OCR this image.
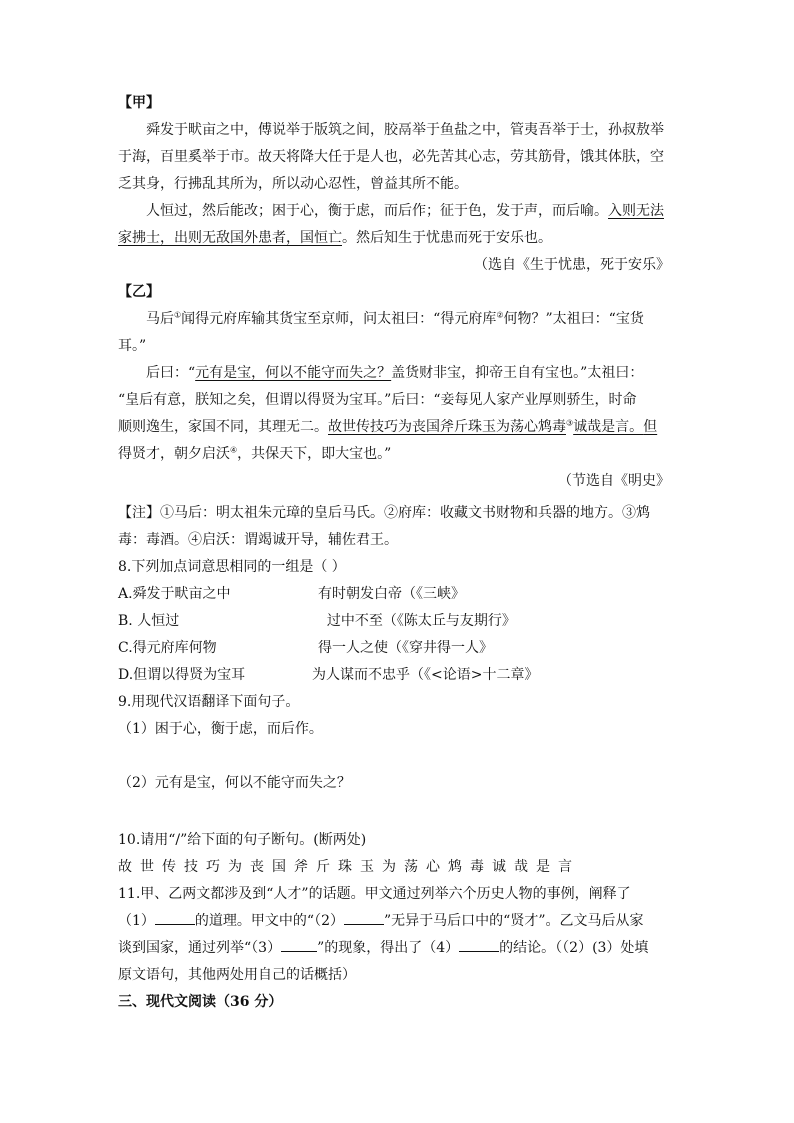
【甲】
舜发于畎亩之中，傅说举于版筑之间，胶鬲举于鱼盐之中，管夷吾举于士，孙叔敖举
于海，百里奚举于市。故天将降大任于是人也，必先苦其心志，劳其筋骨，饿其体肤，空
乏其身，行拂乱其所为，所以动心忍性，曾益其所不能。
人恒过，然后能改；困于心，衡于虑，而后作；征于色，发于声，而后喻。入则无法
家拂士，出则无敌国外患者，国恒亡。然后知生于忧患而死于安乐也。
（选自《生于忧患，死于安乐》
【乙】
马后①闻得元府库输其货宝至京师，问太祖曰：“得元府库②何物？”太祖曰：“宝货
耳。”
后曰：“元有是宝，何以不能守而失之？盖货财非宝，抑帝王自有宝也。”太祖曰：
“皇后有意，朕知之矣，但谓以得贤为宝耳。”后曰：“妾每见人家产业厚则骄生，时命
顺则逸生，家国不同，其理无二。故世传技巧为丧国斧斤珠玉为荡心鸩毒③诚哉是言。但
得贤才，朝夕启沃④，共保天下，即大宝也。”
（节选自《明史》
【注】①马后：明太祖朱元璋的皇后马氏。②府库：收藏文书财物和兵器的地方。③鸩
毒：毒酒。④启沃：谓竭诚开导，辅佐君王。
8.下列加点词意思相同的一组是（ ）
A.舜发于畎亩之中	有时朝发白帝（《三峡》
B. 人恒过	过中不至（《陈太丘与友期行》
C.得元府库何物	得一人之使（《穿井得一人》
D.但谓以得贤为宝耳	为人谋而不忠乎（《<论语>十二章》
9.用现代汉语翻译下面句子。
（1）困于心，衡于虑，而后作。
（2）元有是宝，何以不能守而失之？
10.请用“/”给下面的句子断句。(断两处)
故世传技巧为丧国斧斤珠玉为荡心鸩毒诚哉是言
11.甲、乙两文都涉及到“人才”的话题。甲文通过列举六个历史人物的事例，阐释了
（1）	的道理。甲文中的“（2）	”无异于马后口中的“贤才”。乙文马后从家
谈到国家，通过列举“（3）	”的现象，得出了（4）	的结论。（（2）(3）处填
原文语句，其他两处用自己的话概括）
三、现代文阅读（36 分）
